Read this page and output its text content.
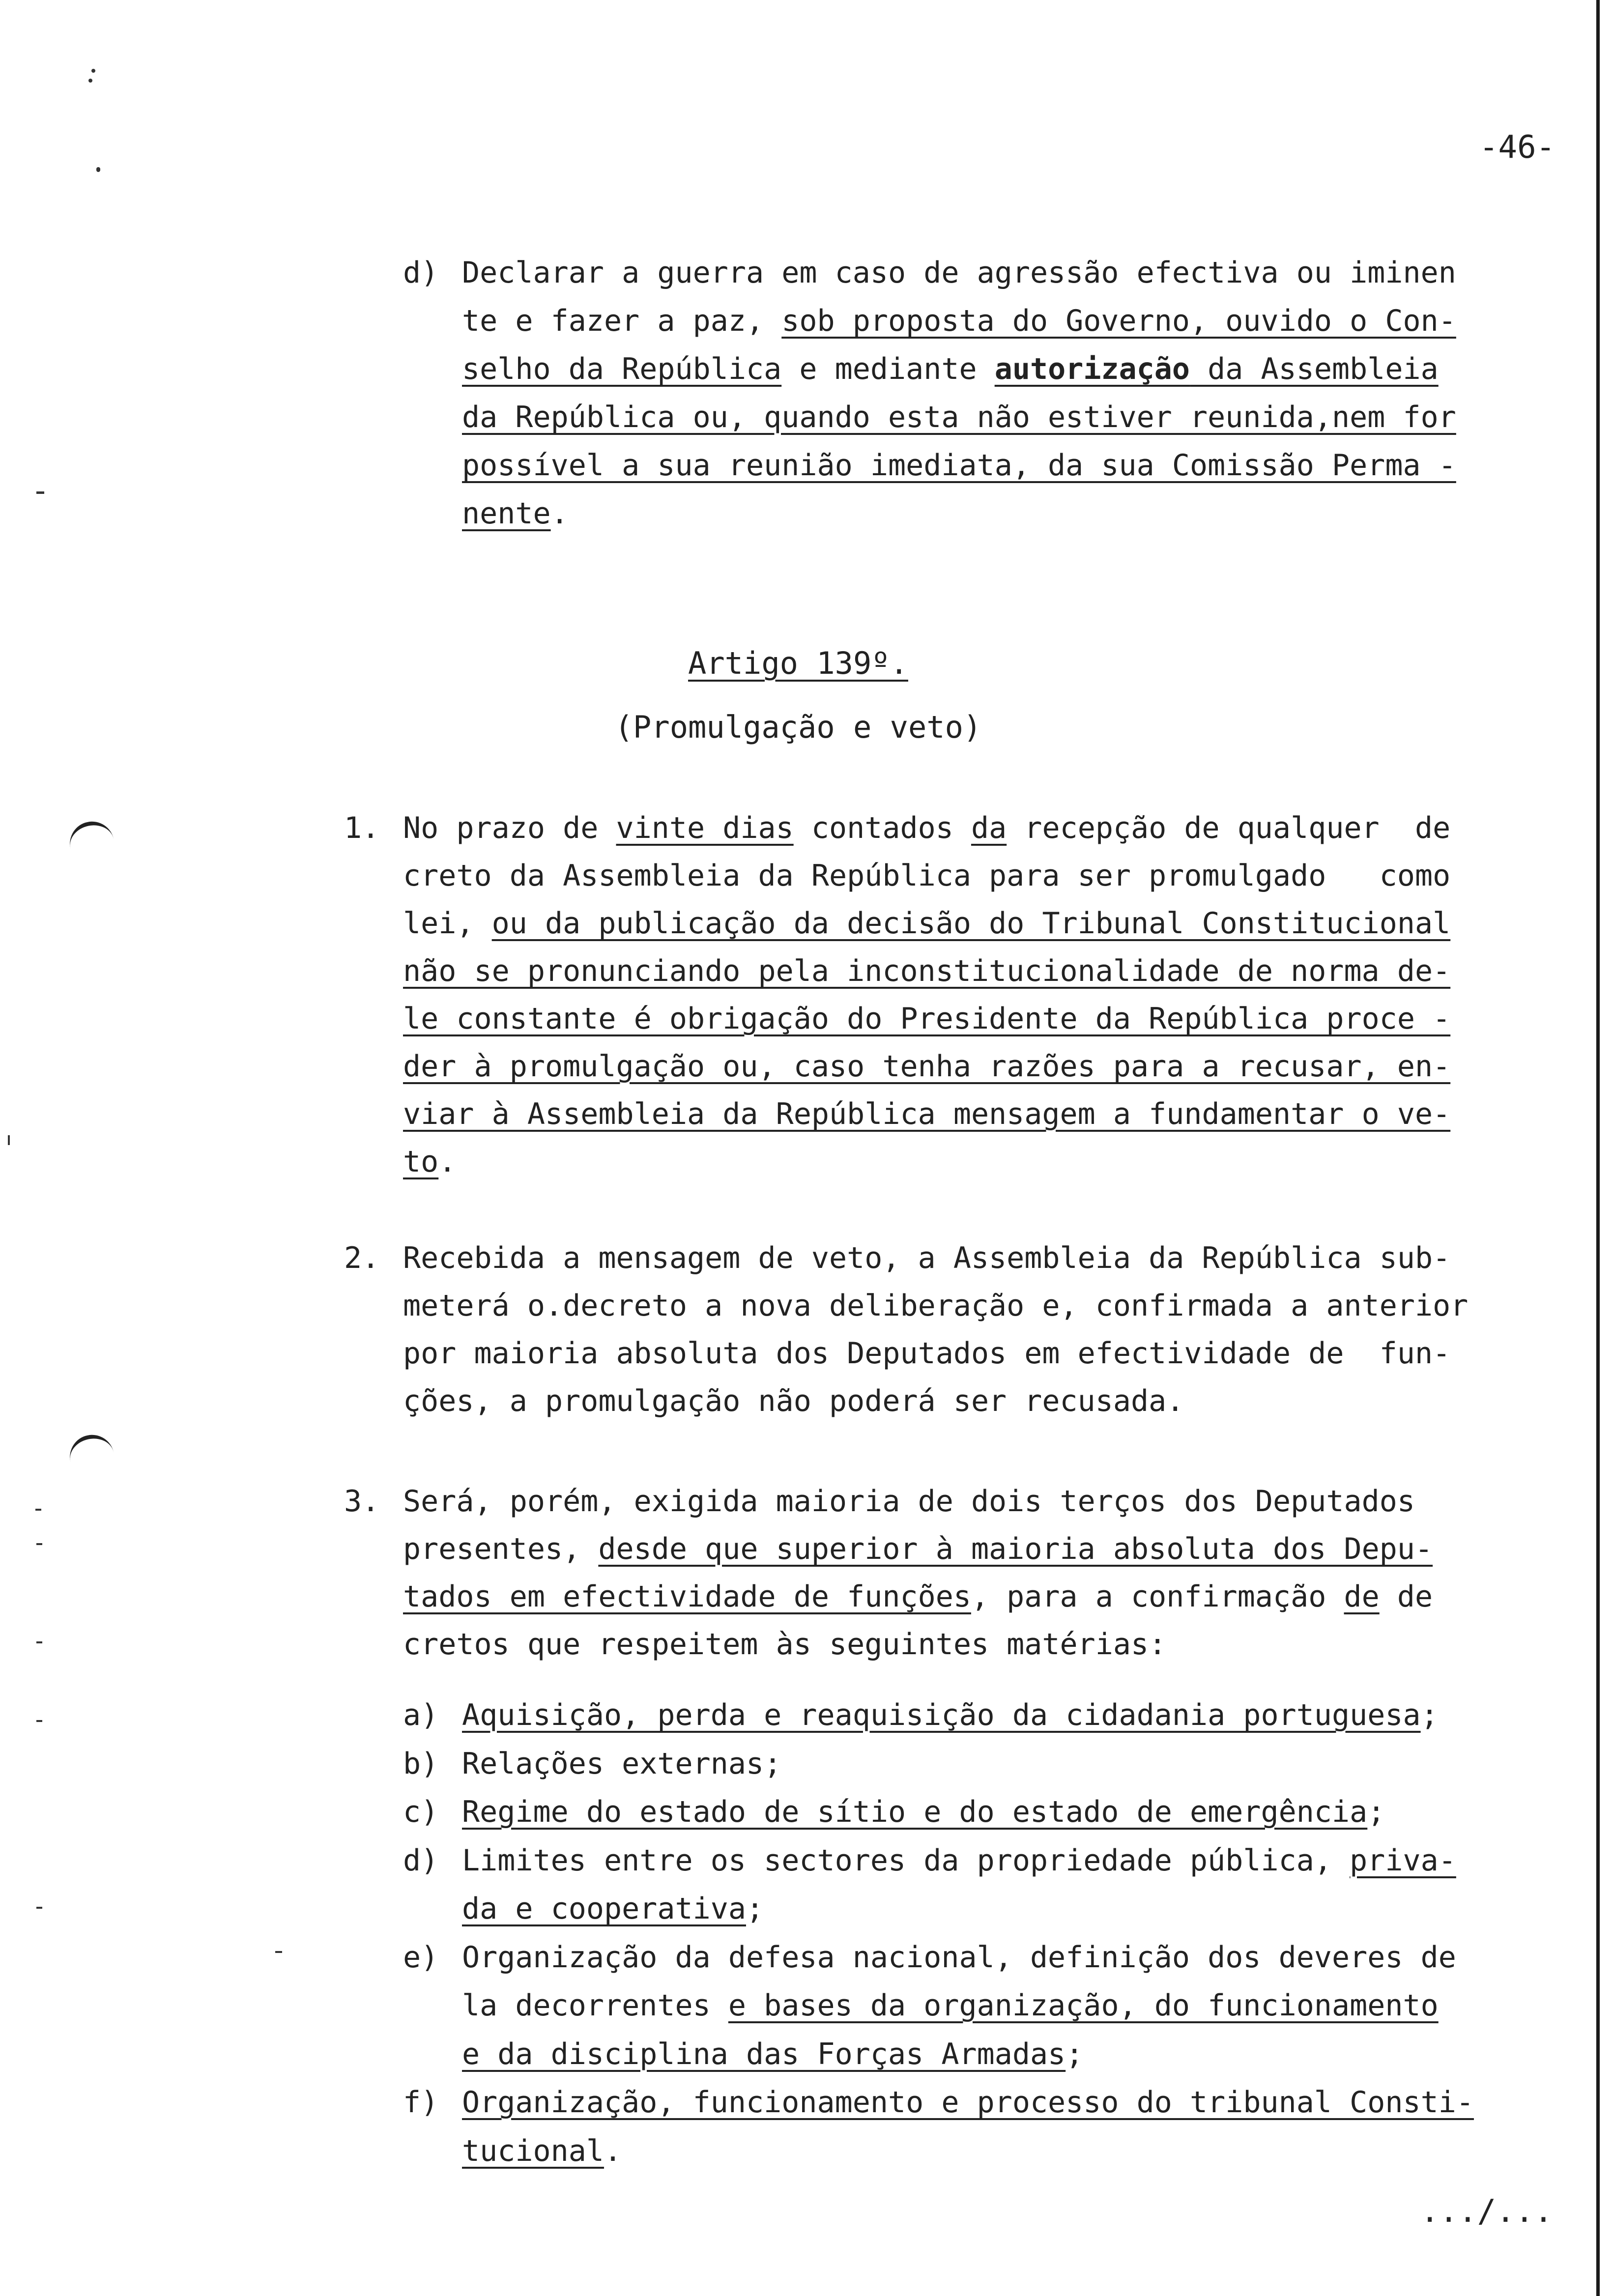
-46-
d) Declarar a guerra em caso de agressão efectiva ou iminen
te e fazer a paz, sob proposta do Governo, ouvido o Con-
selho da República e mediante autorização da Assembleia
da República ou, quando esta não estiver reunida,nem for
possível a sua reunião imediata, da sua Comissão Perma -
nente.
Artigo 139º.
(Promulgação e veto)
1. No prazo de vinte dias contados da recepção de qualquer  de
creto da Assembleia da República para ser promulgado   como
lei, ou da publicação da decisão do Tribunal Constitucional
não se pronunciando pela inconstitucionalidade de norma de-
le constante é obrigação do Presidente da República proce -
der à promulgação ou, caso tenha razões para a recusar, en-
viar à Assembleia da República mensagem a fundamentar o ve-
to.
2. Recebida a mensagem de veto, a Assembleia da República sub-
meterá o.decreto a nova deliberação e, confirmada a anterior
por maioria absoluta dos Deputados em efectividade de  fun-
ções, a promulgação não poderá ser recusada.
3. Será, porém, exigida maioria de dois terços dos Deputados
presentes, desde que superior à maioria absoluta dos Depu-
tados em efectividade de funções, para a confirmação de de
cretos que respeitem às seguintes matérias:
a) Aquisição, perda e reaquisição da cidadania portuguesa;
b) Relações externas;
c) Regime do estado de sítio e do estado de emergência;
d) Limites entre os sectores da propriedade pública, priva-
da e cooperativa;
e) Organização da defesa nacional, definição dos deveres de
la decorrentes e bases da organização, do funcionamento
e da disciplina das Forças Armadas;
f) Organização, funcionamento e processo do tribunal Consti-
tucional.
.../...
